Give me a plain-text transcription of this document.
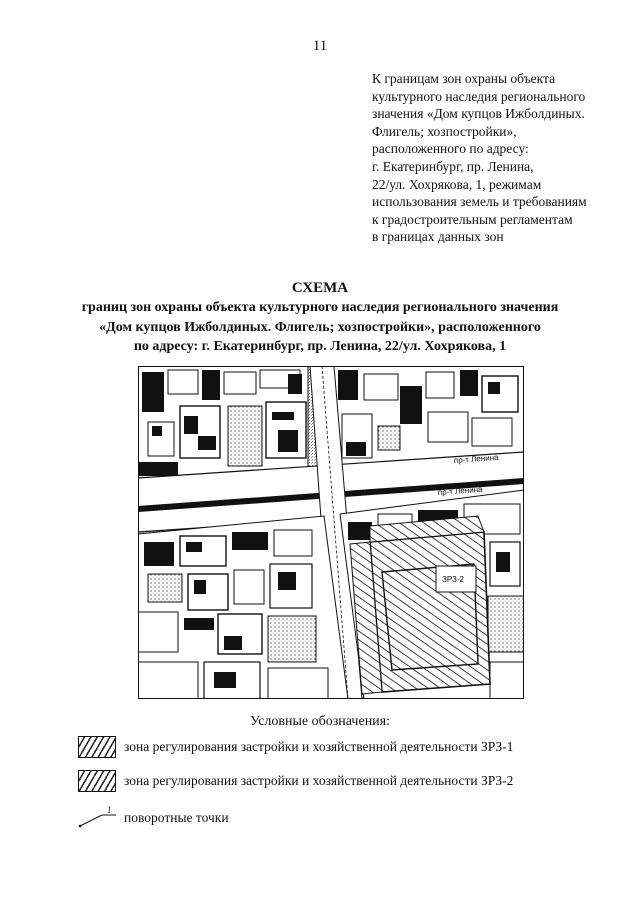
11
К границам зон охраны объекта
культурного наследия регионального
значения «Дом купцов Ижболдиных.
Флигель; хозпостройки»,
расположенного по адресу:
г. Екатеринбург, пр. Ленина,
22/ул. Хохрякова, 1, режимам
использования земель и требованиям
к градостроительным регламентам
в границах данных зон
СХЕМА
границ зон охраны объекта культурного наследия регионального значения
«Дом купцов Ижболдиных. Флигель; хозпостройки», расположенного
по адресу: г. Екатеринбург, пр. Ленина, 22/ул. Хохрякова, 1
пр-т Ленина
пр-т Ленина
ЗРЗ-2
Условные обозначения:
зона регулирования застройки и хозяйственной деятельности ЗРЗ-1
зона регулирования застройки и хозяйственной деятельности ЗРЗ-2
1 поворотные точки
